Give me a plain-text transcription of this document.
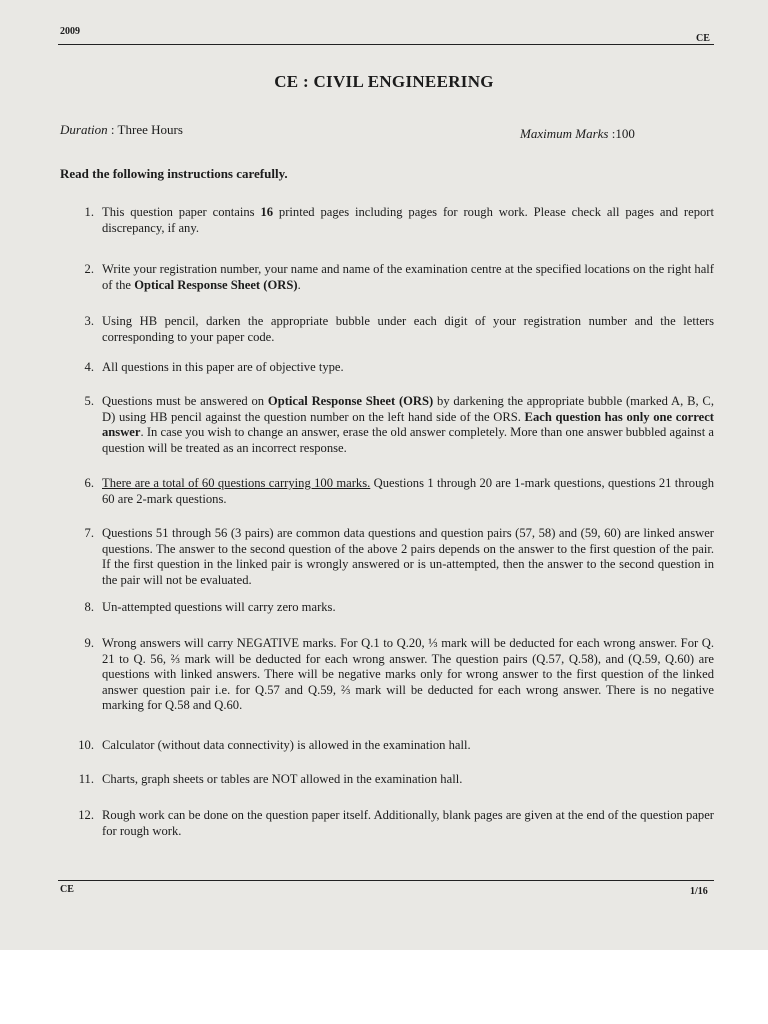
2009
CE
CE : CIVIL ENGINEERING
Duration : Three Hours	Maximum Marks :100
Read the following instructions carefully.
1. This question paper contains 16 printed pages including pages for rough work. Please check all pages and report discrepancy, if any.
2. Write your registration number, your name and name of the examination centre at the specified locations on the right half of the Optical Response Sheet (ORS).
3. Using HB pencil, darken the appropriate bubble under each digit of your registration number and the letters corresponding to your paper code.
4. All questions in this paper are of objective type.
5. Questions must be answered on Optical Response Sheet (ORS) by darkening the appropriate bubble (marked A, B, C, D) using HB pencil against the question number on the left hand side of the ORS. Each question has only one correct answer. In case you wish to change an answer, erase the old answer completely. More than one answer bubbled against a question will be treated as an incorrect response.
6. There are a total of 60 questions carrying 100 marks. Questions 1 through 20 are 1-mark questions, questions 21 through 60 are 2-mark questions.
7. Questions 51 through 56 (3 pairs) are common data questions and question pairs (57, 58) and (59, 60) are linked answer questions. The answer to the second question of the above 2 pairs depends on the answer to the first question of the pair. If the first question in the linked pair is wrongly answered or is un-attempted, then the answer to the second question in the pair will not be evaluated.
8. Un-attempted questions will carry zero marks.
9. Wrong answers will carry NEGATIVE marks. For Q.1 to Q.20, ⅓ mark will be deducted for each wrong answer. For Q. 21 to Q. 56, ⅔ mark will be deducted for each wrong answer. The question pairs (Q.57, Q.58), and (Q.59, Q.60) are questions with linked answers. There will be negative marks only for wrong answer to the first question of the linked answer question pair i.e. for Q.57 and Q.59, ⅔ mark will be deducted for each wrong answer. There is no negative marking for Q.58 and Q.60.
10. Calculator (without data connectivity) is allowed in the examination hall.
11. Charts, graph sheets or tables are NOT allowed in the examination hall.
12. Rough work can be done on the question paper itself. Additionally, blank pages are given at the end of the question paper for rough work.
CE	1/16
